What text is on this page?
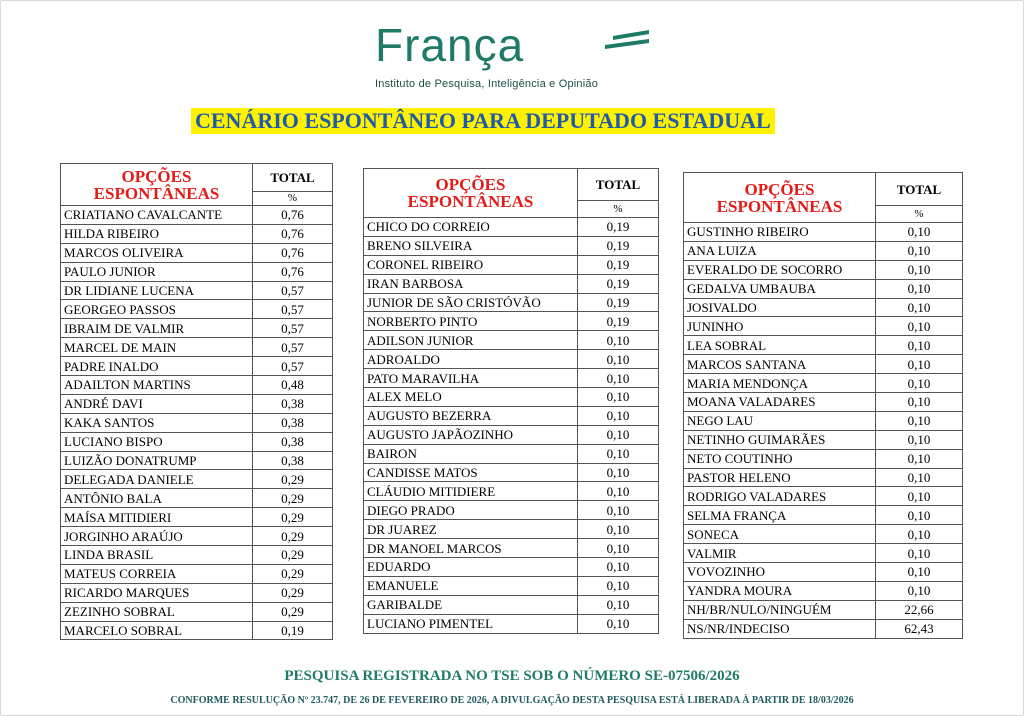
França
Instituto de Pesquisa, Inteligência e Opinião
CENÁRIO ESPONTÂNEO PARA DEPUTADO ESTADUAL
OPÇÕES
ESPONTÂNEAS	TOTAL
	%
CRIATIANO CAVALCANTE	0,76
HILDA RIBEIRO	0,76
MARCOS OLIVEIRA	0,76
PAULO JUNIOR	0,76
DR LIDIANE LUCENA	0,57
GEORGEO PASSOS	0,57
IBRAIM DE VALMIR	0,57
MARCEL DE MAIN	0,57
PADRE INALDO	0,57
ADAILTON MARTINS	0,48
ANDRÉ DAVI	0,38
KAKA SANTOS	0,38
LUCIANO BISPO	0,38
LUIZÃO DONATRUMP	0,38
DELEGADA DANIELE	0,29
ANTÔNIO BALA	0,29
MAÍSA MITIDIERI	0,29
JORGINHO ARAÚJO	0,29
LINDA BRASIL	0,29
MATEUS CORREIA	0,29
RICARDO MARQUES	0,29
ZEZINHO SOBRAL	0,29
MARCELO SOBRAL	0,19
OPÇÕES
ESPONTÂNEAS	TOTAL
	%
CHICO DO CORREIO	0,19
BRENO SILVEIRA	0,19
CORONEL RIBEIRO	0,19
IRAN BARBOSA	0,19
JUNIOR DE SÃO CRISTÓVÃO	0,19
NORBERTO PINTO	0,19
ADILSON JUNIOR	0,10
ADROALDO	0,10
PATO MARAVILHA	0,10
ALEX MELO	0,10
AUGUSTO BEZERRA	0,10
AUGUSTO JAPÃOZINHO	0,10
BAIRON	0,10
CANDISSE MATOS	0,10
CLÁUDIO MITIDIERE	0,10
DIEGO PRADO	0,10
DR JUAREZ	0,10
DR MANOEL MARCOS	0,10
EDUARDO	0,10
EMANUELE	0,10
GARIBALDE	0,10
LUCIANO PIMENTEL	0,10
OPÇÕES
ESPONTÂNEAS	TOTAL
	%
GUSTINHO RIBEIRO	0,10
ANA LUIZA	0,10
EVERALDO DE SOCORRO	0,10
GEDALVA UMBAUBA	0,10
JOSIVALDO	0,10
JUNINHO	0,10
LEA SOBRAL	0,10
MARCOS SANTANA	0,10
MARIA MENDONÇA	0,10
MOANA VALADARES	0,10
NEGO LAU	0,10
NETINHO GUIMARÃES	0,10
NETO COUTINHO	0,10
PASTOR HELENO	0,10
RODRIGO VALADARES	0,10
SELMA FRANÇA	0,10
SONECA	0,10
VALMIR	0,10
VOVOZINHO	0,10
YANDRA MOURA	0,10
NH/BR/NULO/NINGUÉM	22,66
NS/NR/INDECISO	62,43
PESQUISA REGISTRADA NO TSE SOB O NÚMERO SE-07506/2026
CONFORME RESULUÇÃO Nº 23.747, DE 26 DE FEVEREIRO DE 2026, A DIVULGAÇÃO DESTA PESQUISA ESTÁ LIBERADA À PARTIR DE 18/03/2026
